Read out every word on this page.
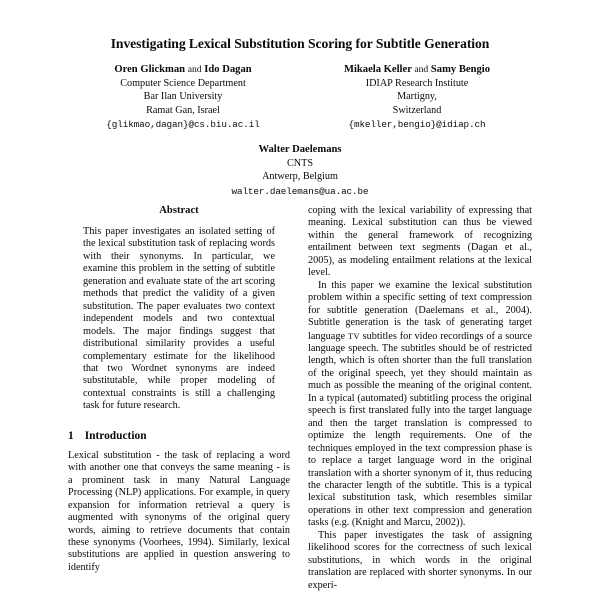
Investigating Lexical Substitution Scoring for Subtitle Generation
Oren Glickman and Ido Dagan
Computer Science Department
Bar Ilan University
Ramat Gan, Israel
{glikmao,dagan}@cs.biu.ac.il
Mikaela Keller and Samy Bengio
IDIAP Research Institute
Martigny,
Switzerland
{mkeller,bengio}@idiap.ch
Walter Daelemans
CNTS
Antwerp, Belgium
walter.daelemans@ua.ac.be
Abstract

This paper investigates an isolated setting of the lexical substitution task of replacing words with their synonyms. In particular, we examine this problem in the setting of subtitle generation and evaluate state of the art scoring methods that predict the validity of a given substitution. The paper evaluates two context independent models and two contextual models. The major findings suggest that distributional similarity provides a useful complementary estimate for the likelihood that two Wordnet synonyms are indeed substitutable, while proper modeling of contextual constraints is still a challenging task for future research.

1 Introduction

Lexical substitution - the task of replacing a word with another one that conveys the same meaning - is a prominent task in many Natural Language Processing (NLP) applications. For example, in query expansion for information retrieval a query is augmented with synonyms of the original query words, aiming to retrieve documents that contain these synonyms (Voorhees, 1994). Similarly, lexical substitutions are applied in question answering to identify

coping with the lexical variability of expressing that meaning. Lexical substitution can thus be viewed within the general framework of recognizing entailment between text segments (Dagan et al., 2005), as modeling entailment relations at the lexical level.

In this paper we examine the lexical substitution problem within a specific setting of text compression for subtitle generation (Daelemans et al., 2004). Subtitle generation is the task of generating target language TV subtitles for video recordings of a source language speech. The subtitles should be of restricted length, which is often shorter than the full translation of the original speech, yet they should maintain as much as possible the meaning of the original content. In a typical (automated) subtitling process the original speech is first translated fully into the target language and then the target translation is compressed to optimize the length requirements. One of the techniques employed in the text compression phase is to replace a target language word in the original translation with a shorter synonym of it, thus reducing the character length of the subtitle. This is a typical lexical substitution task, which resembles similar operations in other text compression and generation tasks (e.g. (Knight and Marcu, 2002)).

This paper investigates the task of assigning likelihood scores for the correctness of such lexical substitutions, in which words in the original translation are replaced with shorter synonyms. In our experi-
